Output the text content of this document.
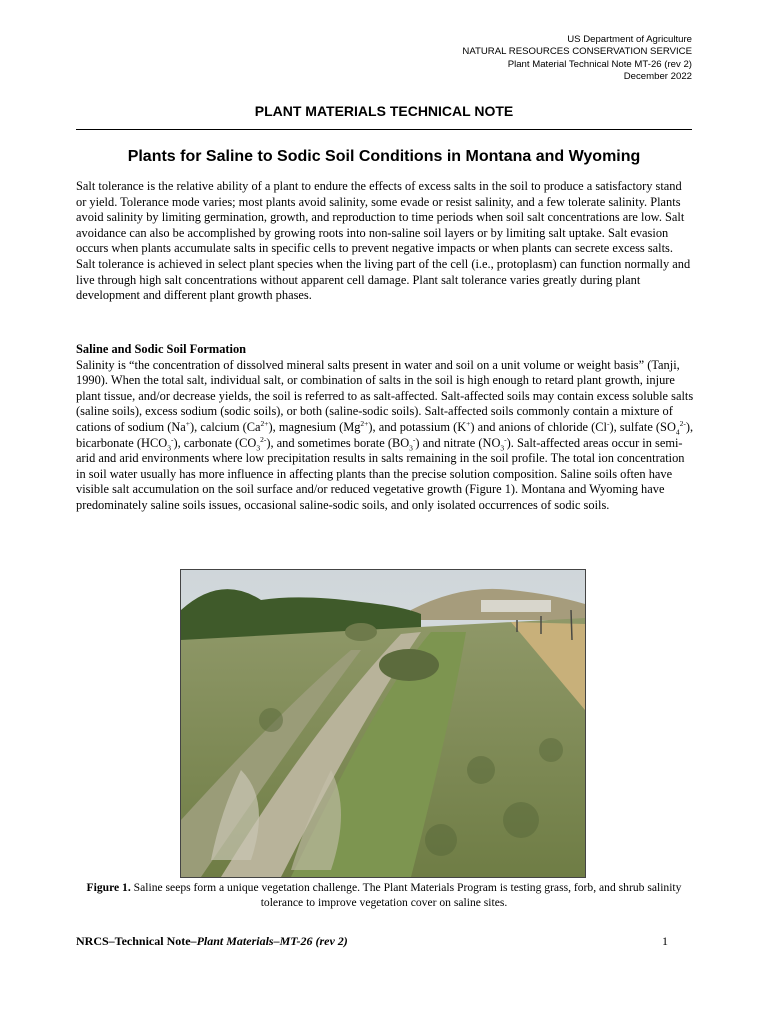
US Department of Agriculture
NATURAL RESOURCES CONSERVATION SERVICE
Plant Material Technical Note MT-26 (rev 2)
December 2022
PLANT MATERIALS TECHNICAL NOTE
Plants for Saline to Sodic Soil Conditions in Montana and Wyoming

Salt tolerance is the relative ability of a plant to endure the effects of excess salts in the soil to produce a satisfactory stand or yield. Tolerance mode varies; most plants avoid salinity, some evade or resist salinity, and a few tolerate salinity. Plants avoid salinity by limiting germination, growth, and reproduction to time periods when soil salt concentrations are low. Salt avoidance can also be accomplished by growing roots into non-saline soil layers or by limiting salt uptake. Salt evasion occurs when plants accumulate salts in specific cells to prevent negative impacts or when plants can secrete excess salts. Salt tolerance is achieved in select plant species when the living part of the cell (i.e., protoplasm) can function normally and live through high salt concentrations without apparent cell damage. Plant salt tolerance varies greatly during plant development and different plant growth phases.

Saline and Sodic Soil Formation
Salinity is “the concentration of dissolved mineral salts present in water and soil on a unit volume or weight basis” (Tanji, 1990). When the total salt, individual salt, or combination of salts in the soil is high enough to retard plant growth, injure plant tissue, and/or decrease yields, the soil is referred to as salt-affected. Salt-affected soils may contain excess soluble salts (saline soils), excess sodium (sodic soils), or both (saline-sodic soils). Salt-affected soils commonly contain a mixture of cations of sodium (Na+), calcium $(Ca^{2+})$, magnesium $(Mg^{2+})$, and potassium (K+) and anions of chloride (Cl-), sulfate $(SO_4^{2-})$, bicarbonate $(HCO_3^-)$, carbonate $(CO_3^{2-})$, and sometimes borate $(BO_3^-)$ and nitrate $(NO_3^-)$. Salt-affected areas occur in semi-arid and arid environments where low precipitation results in salts remaining in the soil profile. The total ion concentration in soil water usually has more influence in affecting plants than the precise solution composition. Saline soils often have visible salt accumulation on the soil surface and/or reduced vegetative growth (Figure 1). Montana and Wyoming have predominately saline soils issues, occasional saline-sodic soils, and only isolated occurrences of sodic soils.

Figure 1. Saline seeps form a unique vegetation challenge. The Plant Materials Program is testing grass, forb, and shrub salinity tolerance to improve vegetation cover on saline sites.
NRCS–Technical Note–Plant Materials–MT-26 (rev 2)	1
